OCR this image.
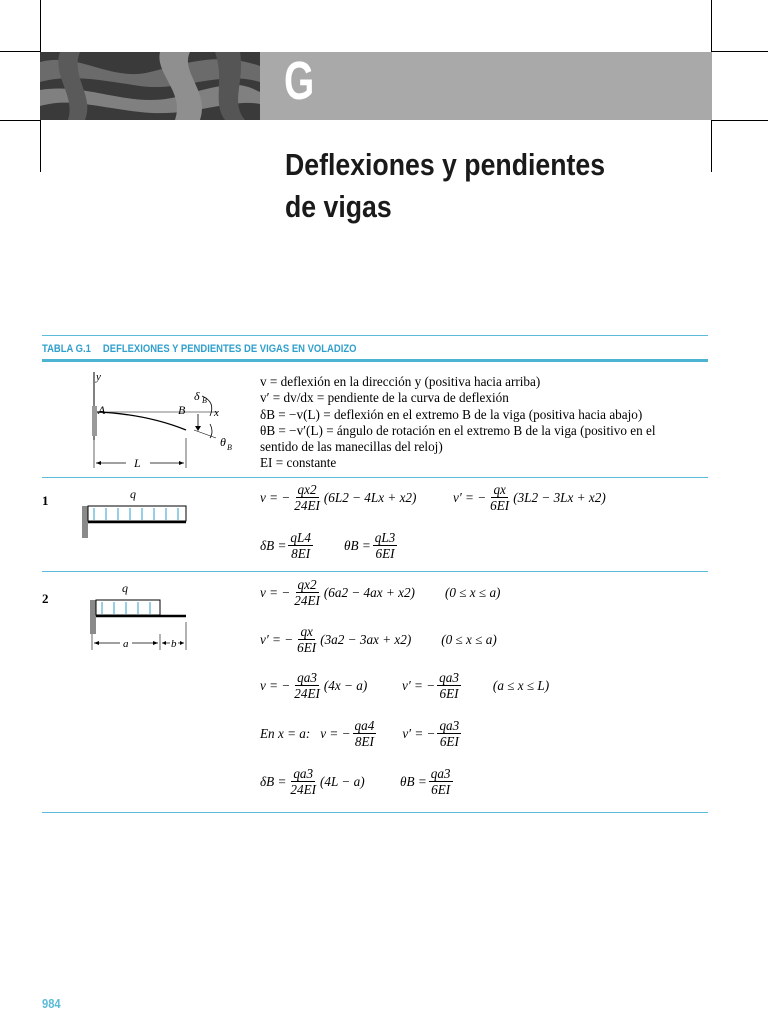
G
Deflexiones y pendientes
de vigas
TABLA G.1 DEFLEXIONES Y PENDIENTES DE VIGAS EN VOLADIZO
y
A	B
δ B
x
θ B
L
v = deflexión en la dirección y (positiva hacia arriba)
v′ = dv/dx = pendiente de la curva de deflexión
δB = −v(L) = deflexión en el extremo B de la viga (positiva hacia abajo)
θB = −v′(L) = ángulo de rotación en el extremo B de la viga (positivo en el
sentido de las manecillas del reloj)
EI = constante
1	q	v = − $\frac{qx2}{24EI} (6L2 - 4Lx + x2)$	v′ = − $\frac{qx}{6EI} (3L2 - 3Lx + x2)$
$\delta B = \frac{qL4}{8EI}$ $\theta B = \frac{qL3}{6EI}$
2
q
a	b
v = − $\frac{qx2}{24EI} (6a2 - 4ax + x2) (0 \le x \le a)$
v′ = − $\frac{qx}{6EI} (3a2 - 3ax + x2) (0 \le x \le a)$
v = − $\frac{qa3}{24EI} (4x - a)$	v′ = − $\frac{qa3}{6EI} (a \le x \le L)$
En x = a: v = − $\frac{qa4}{8EI} v'$ = − $\frac{qa3}{6EI}$
$\delta B = \frac{qa3}{24EI} (4L - a)$	$\theta B = \frac{qa3}{6EI}$
984
